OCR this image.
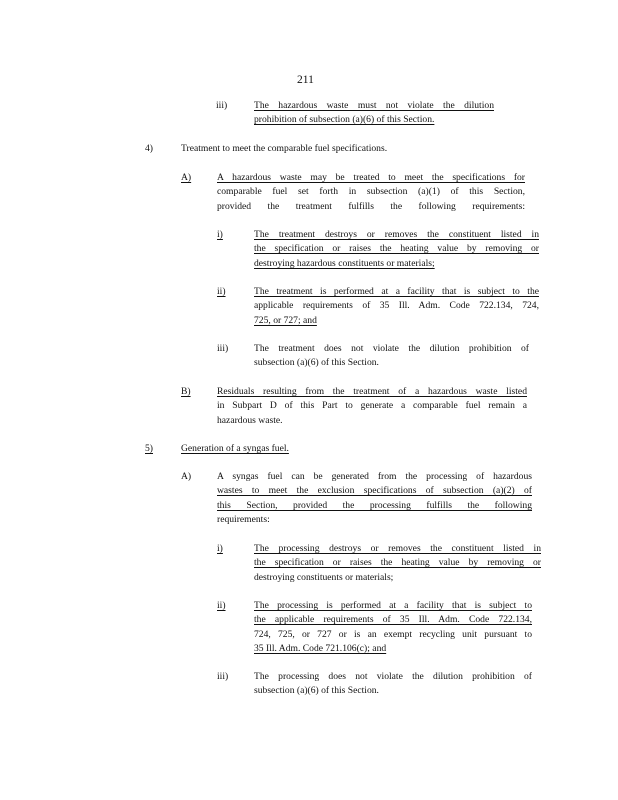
211
iii)	The hazardous waste must not violate the dilution
prohibition of subsection (a)(6) of this Section.
4)	Treatment to meet the comparable fuel specifications.
A)	A hazardous waste may be treated to meet the specifications for
comparable fuel set forth in subsection (a)(1) of this Section,
provided the treatment fulfills the following requirements:
i)	The treatment destroys or removes the constituent listed in
the specification or raises the heating value by removing or
destroying hazardous constituents or materials;
ii)	The treatment is performed at a facility that is subject to the
applicable requirements of 35 Ill. Adm. Code 722.134, 724,
725, or 727; and
iii)	The treatment does not violate the dilution prohibition of
subsection (a)(6) of this Section.
B)	Residuals resulting from the treatment of a hazardous waste listed
in Subpart D of this Part to generate a comparable fuel remain a
hazardous waste.
5)	Generation of a syngas fuel.
A)	A syngas fuel can be generated from the processing of hazardous
wastes to meet the exclusion specifications of subsection (a)(2) of
this Section, provided the processing fulfills the following
requirements:
i)	The processing destroys or removes the constituent listed in
the specification or raises the heating value by removing or
destroying constituents or materials;
ii)	The processing is performed at a facility that is subject to
the applicable requirements of 35 Ill. Adm. Code 722.134,
724, 725, or 727 or is an exempt recycling unit pursuant to
35 Ill. Adm. Code 721.106(c); and
iii)	The processing does not violate the dilution prohibition of
subsection (a)(6) of this Section.
